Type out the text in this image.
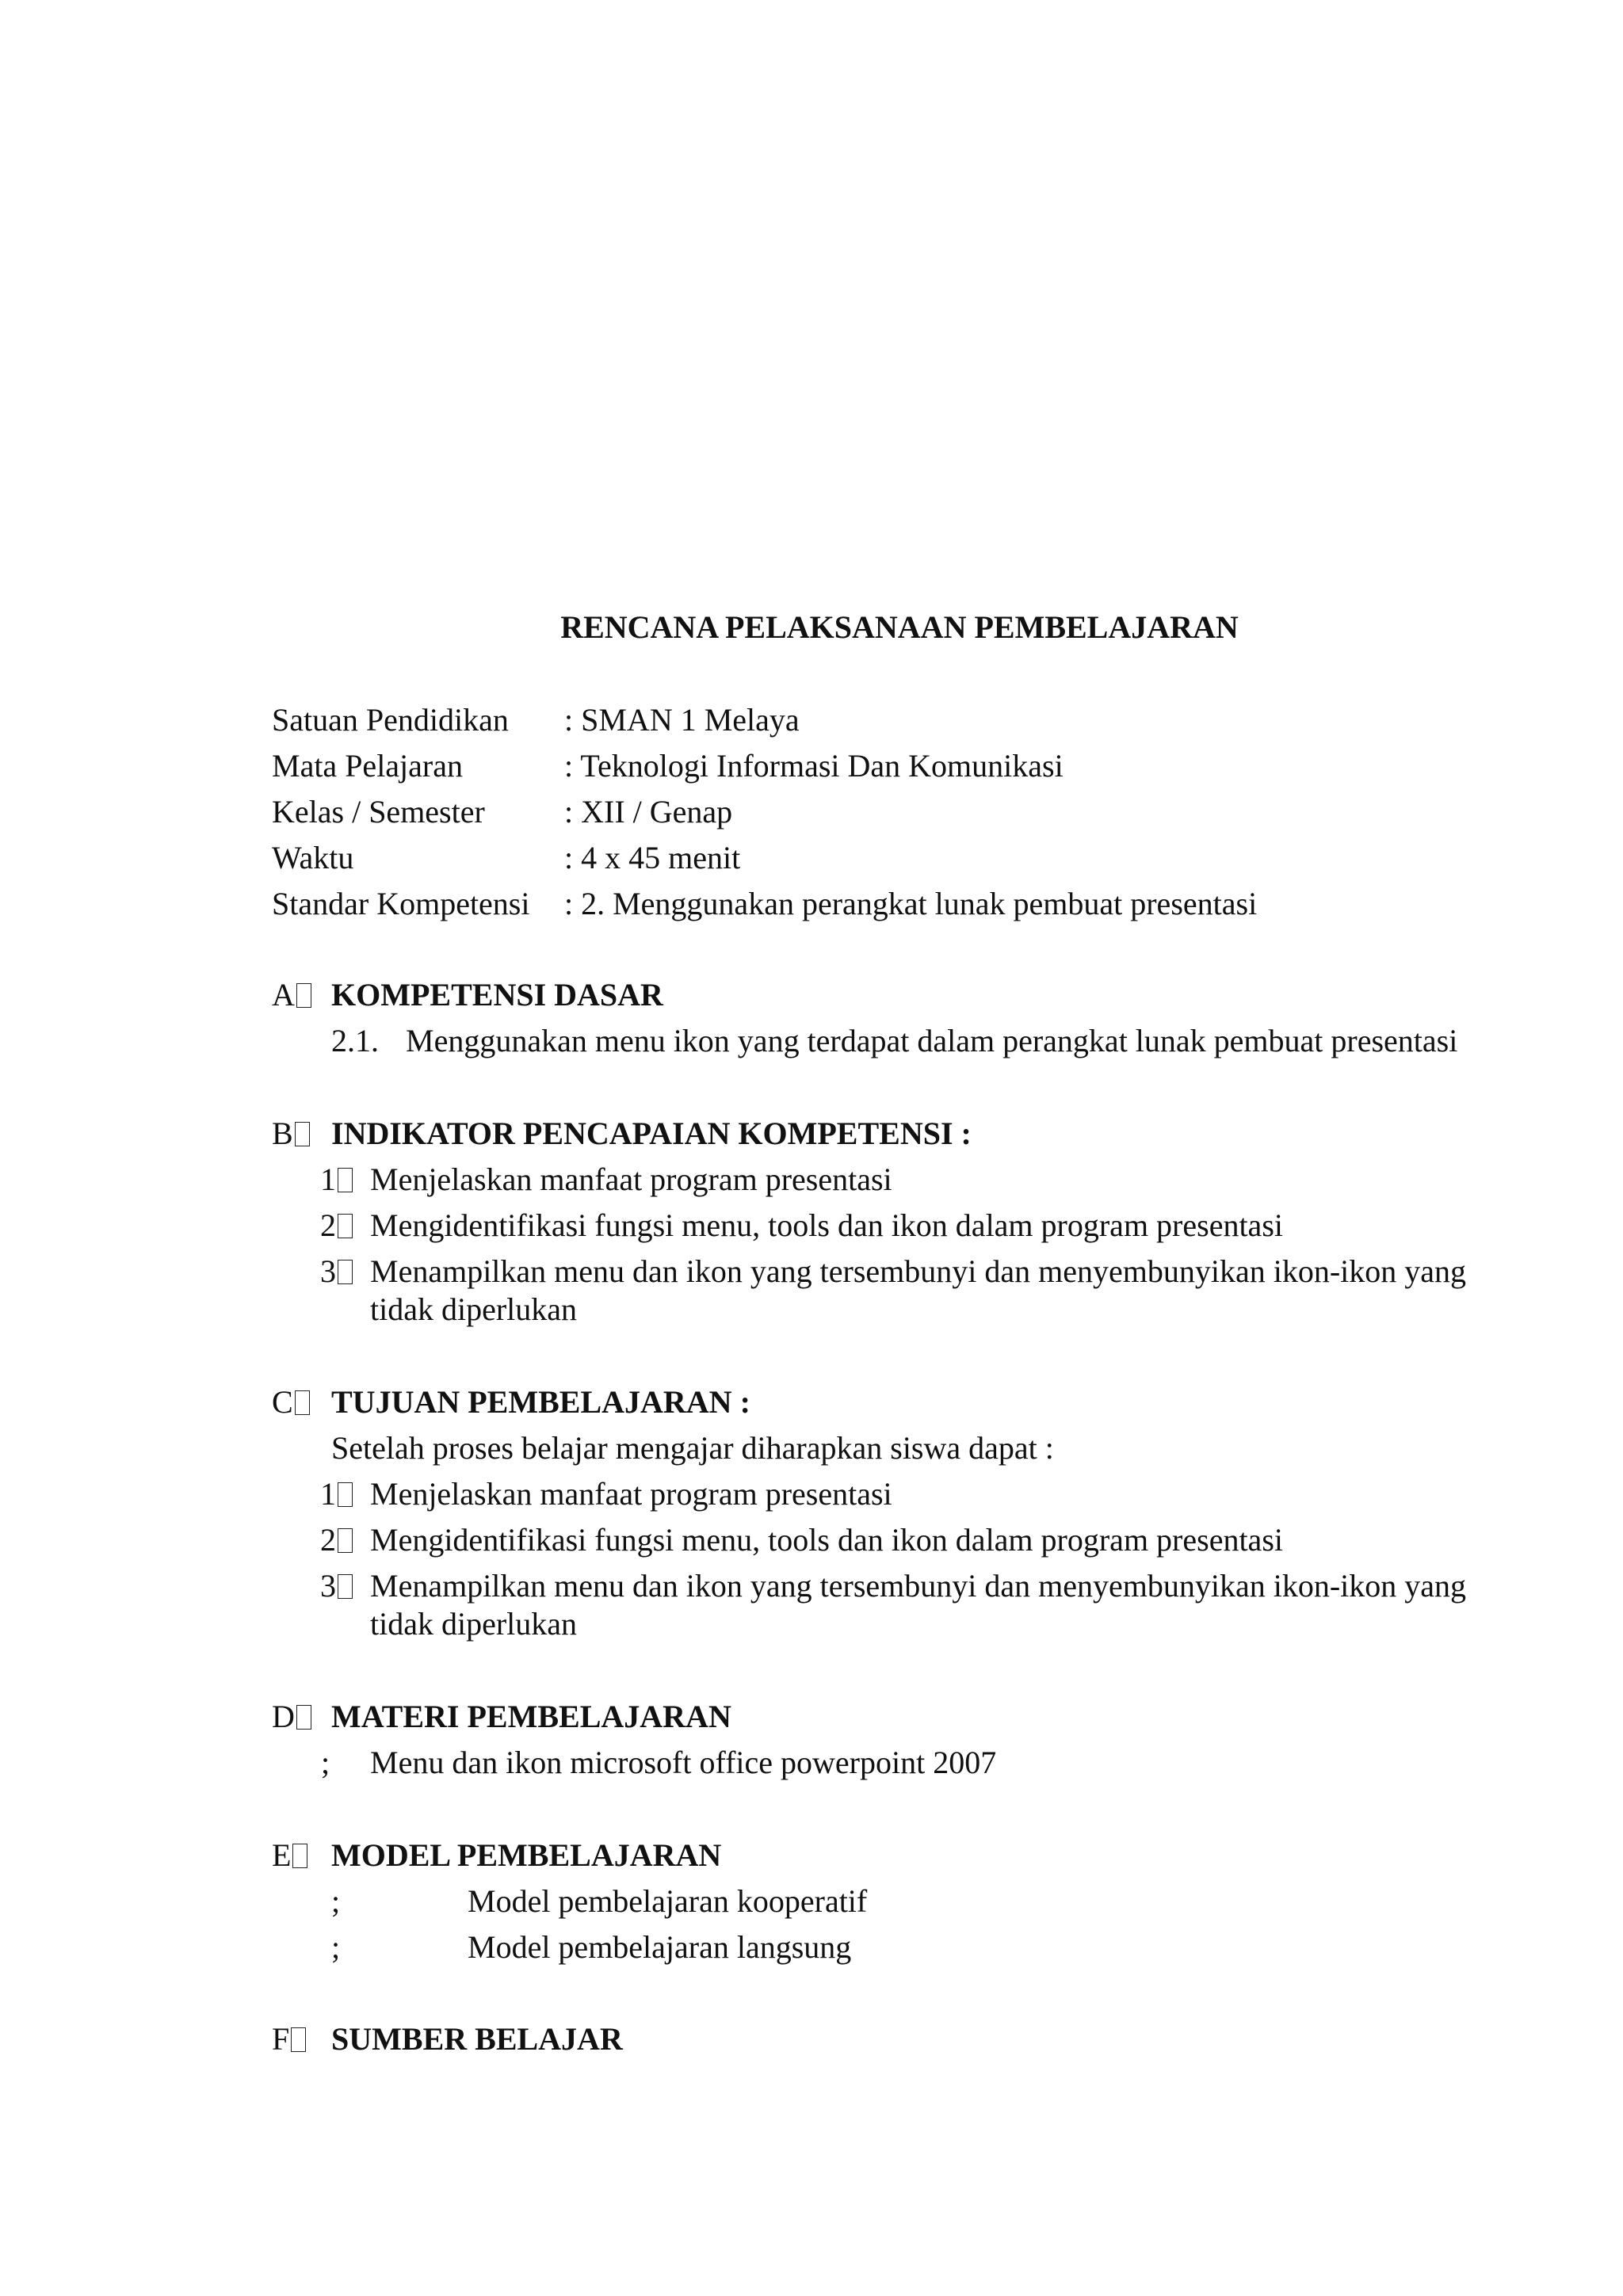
RENCANA PELAKSANAAN PEMBELAJARAN
Satuan Pendidikan : SMAN 1 Melaya
Mata Pelajaran	: Teknologi Informasi Dan Komunikasi
Kelas / Semester	: XII / Genap
Waktu	: 4 x 45 menit
Standar Kompetensi : 2. Menggunakan perangkat lunak pembuat presentasi
A	KOMPETENSI DASAR
2.1. Menggunakan menu ikon yang terdapat dalam perangkat lunak pembuat presentasi
B	INDIKATOR PENCAPAIAN KOMPETENSI :
1	Menjelaskan manfaat program presentasi
2	Mengidentifikasi fungsi menu, tools dan ikon dalam program presentasi
3	Menampilkan menu dan ikon yang tersembunyi dan menyembunyikan ikon-ikon yang
tidak diperlukan
C	TUJUAN PEMBELAJARAN :
Setelah proses belajar mengajar diharapkan siswa dapat :
1	Menjelaskan manfaat program presentasi
2	Mengidentifikasi fungsi menu, tools dan ikon dalam program presentasi
3	Menampilkan menu dan ikon yang tersembunyi dan menyembunyikan ikon-ikon yang
tidak diperlukan
D	MATERI PEMBELAJARAN
; Menu dan ikon microsoft office powerpoint 2007
E	MODEL PEMBELAJARAN
;	Model pembelajaran kooperatif
;	Model pembelajaran langsung
F	SUMBER BELAJAR
